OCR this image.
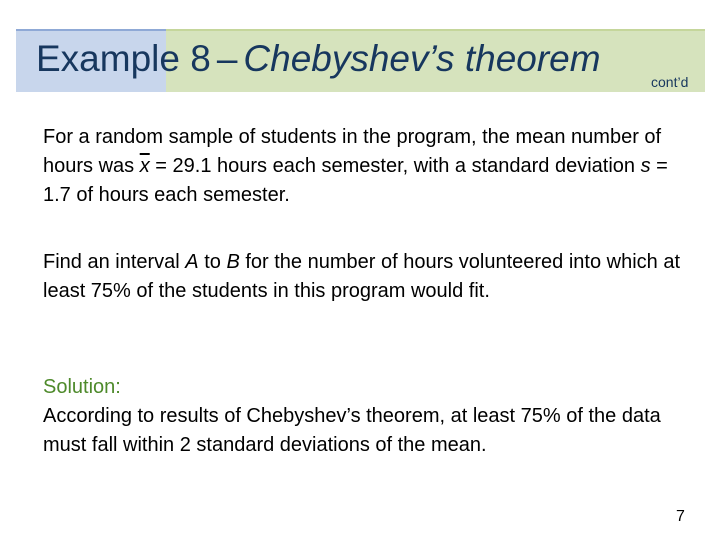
Example 8 – Chebyshev’s theorem
cont’d

For a random sample of students in the program, the mean number of hours was $\overline{x} = 29.1$ hours each semester, with a standard deviation s = 1.7 of hours each semester.

Find an interval A to B for the number of hours volunteered into which at least 75% of the students in this program would fit.

Solution:
According to results of Chebyshev’s theorem, at least 75% of the data must fall within 2 standard deviations of the mean.

7
